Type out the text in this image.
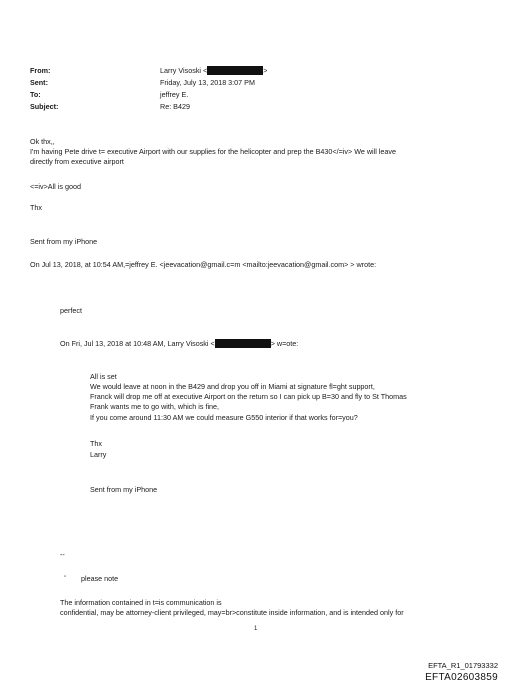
From:	Larry Visoski <	>
Sent:	Friday, July 13, 2018 3:07 PM
To:	jeffrey E.
Subject:	Re: B429
Ok thx,,
I'm having Pete drive t= executive Airport with our supplies for the helicopter and prep the B430</=iv> We will leave
directly from executive airport
<=iv>All is good
Thx
Sent from my iPhone
On Jul 13, 2018, at 10:54 AM,=jeffrey E. <jeevacation@gmail.c=m <mailto:jeevacation@gmail.com> > wrote:
perfect
On Fri, Jul 13, 2018 at 10:48 AM, Larry Visoski <	> w=ote:
All is set
We would leave at noon in the B429 and drop you off in Miami at signature fl=ght support,
Franck will drop me off at executive Airport on the return so I can pick up B=30 and fly to St Thomas
Frank wants me to go with, which is fine,
If you come around 11:30 AM we could measure G550 interior if that works for=you?
Thx
Larry
Sent from my iPhone
--
▫ please note
The information contained in t=is communication is
confidential, may be attorney-client privileged, may=br>constitute inside information, and is intended only for
1
EFTA_R1_01793332
EFTA02603859
